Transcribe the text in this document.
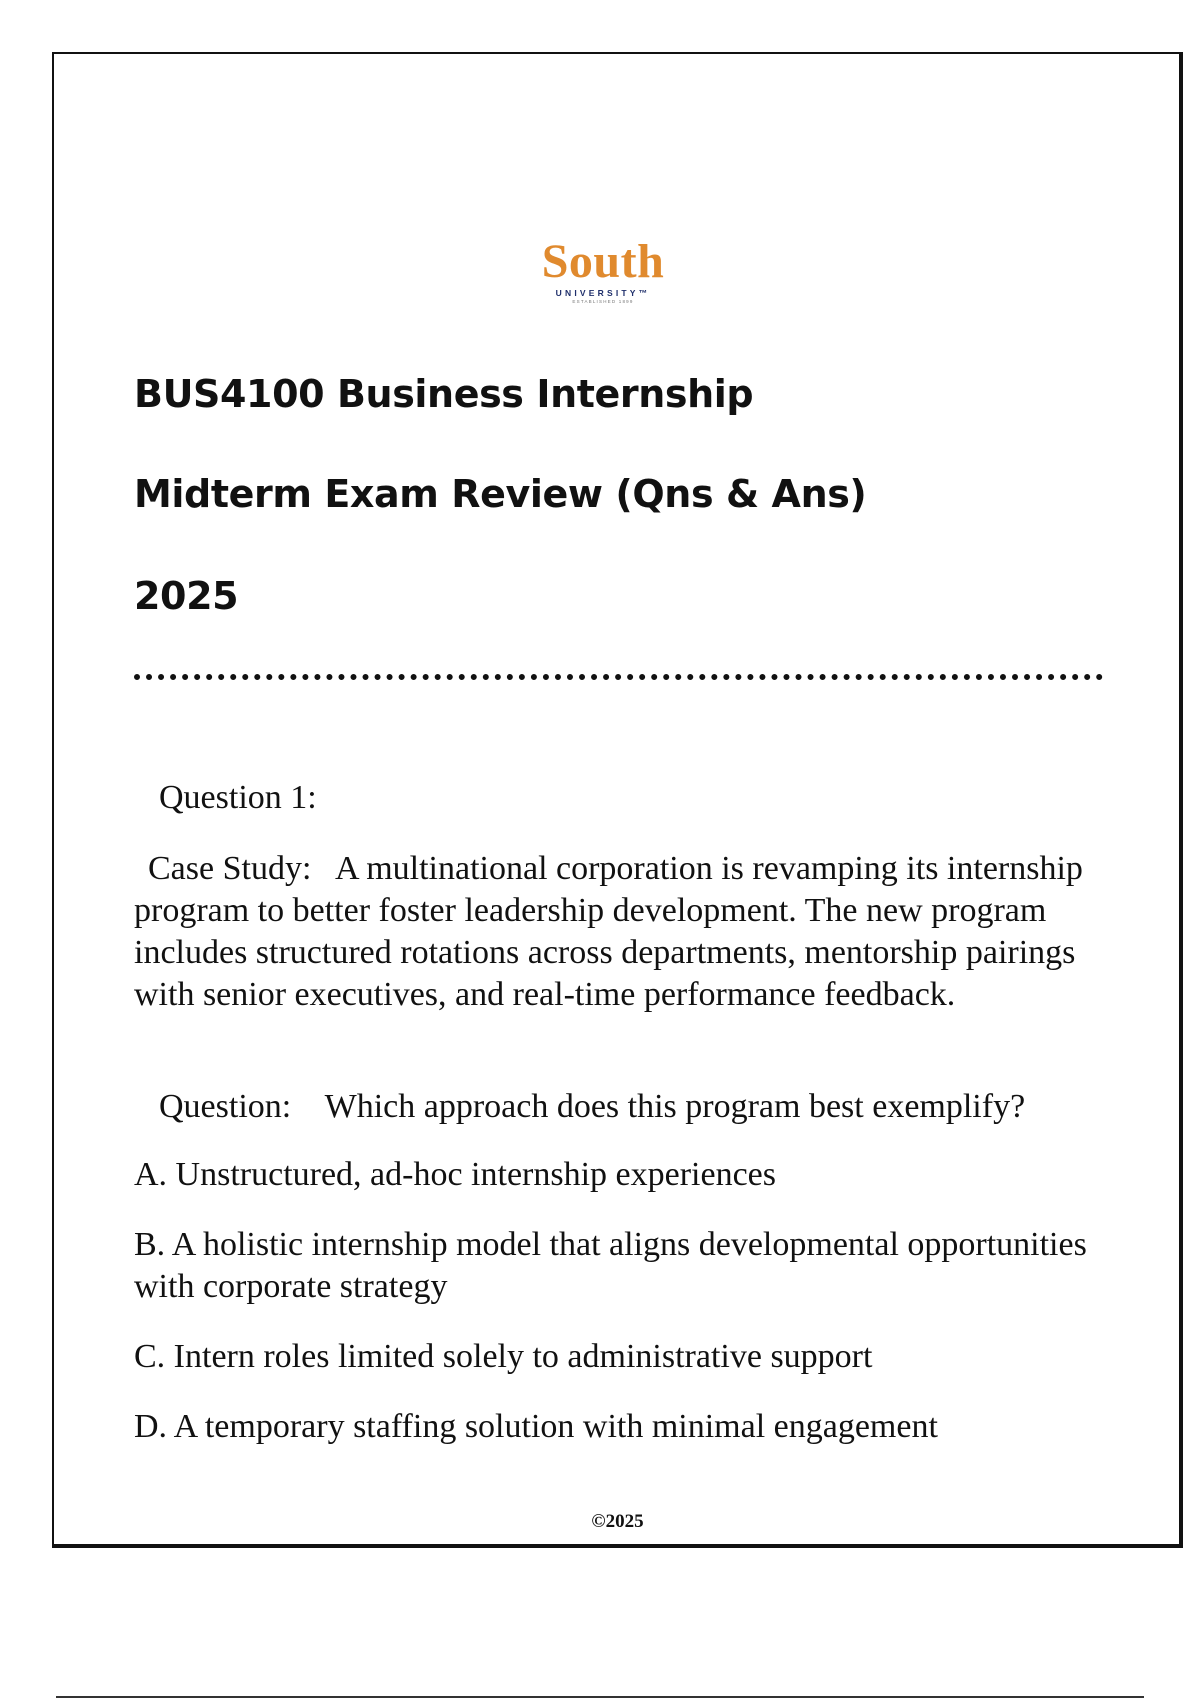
South
UNIVERSITY™
ESTABLISHED 1899
BUS4100 Business Internship
Midterm Exam Review (Qns & Ans)
2025
Question 1:
Case Study: A multinational corporation is revamping its internship program to better foster leadership development. The new program includes structured rotations across departments, mentorship pairings with senior executives, and real-time performance feedback.
Question: Which approach does this program best exemplify?
A. Unstructured, ad-hoc internship experiences
B. A holistic internship model that aligns developmental opportunities with corporate strategy
C. Intern roles limited solely to administrative support
D. A temporary staffing solution with minimal engagement
©2025
